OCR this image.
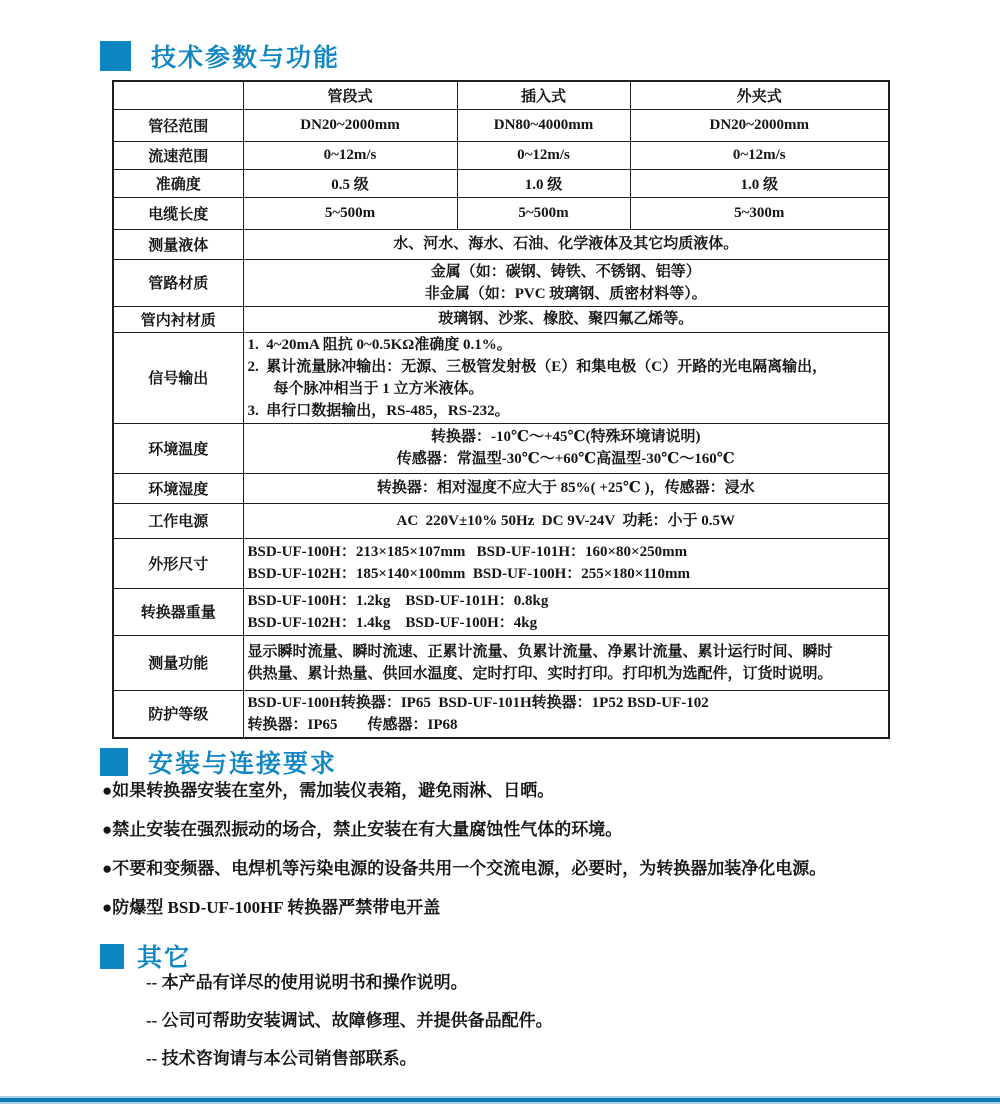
技术参数与功能
	管段式	插入式	外夹式
管径范围	DN20~2000mm	DN80~4000mm	DN20~2000mm
流速范围	0~12m/s	0~12m/s	0~12m/s
准确度	0.5 级	1.0 级	1.0 级
电缆长度	5~500m	5~500m	5~300m
测量液体	水、河水、海水、石油、化学液体及其它均质液体。		

管路材质	金属（如：碳钢、铸铁、不锈钢、铝等）
非金属（如：PVC 玻璃钢、质密材料等）。		

管内衬材质	玻璃钢、沙浆、橡胶、聚四氟乙烯等。		

信号输出	1.  4~20mA 阻抗 0~0.5KΩ准确度 0.1%。
2.  累计流量脉冲输出：无源、三极管发射极（E）和集电极（C）开路的光电隔离输出，
每个脉冲相当于 1 立方米液体。
3.  串行口数据输出，RS-485，RS-232。		

环境温度	转换器：-10℃～+45℃(特殊环境请说明)
传感器：常温型-30℃～+60℃高温型-30℃～160℃		

环境湿度	转换器：相对湿度不应大于 85%( +25℃ )，传感器：浸水		

工作电源	AC  220V±10% 50Hz  DC 9V-24V  功耗：小于 0.5W		

外形尺寸	BSD-UF-100H：213×185×107mm   BSD-UF-101H：160×80×250mm
BSD-UF-102H：185×140×100mm  BSD-UF-100H：255×180×110mm		

转换器重量	BSD-UF-100H：1.2kg    BSD-UF-101H：0.8kg
BSD-UF-102H：1.4kg    BSD-UF-100H：4kg		

测量功能	显示瞬时流量、瞬时流速、正累计流量、负累计流量、净累计流量、累计运行时间、瞬时
供热量、累计热量、供回水温度、定时打印、实时打印。打印机为选配件，订货时说明。		

防护等级	BSD-UF-100H转换器：IP65  BSD-UF-101H转换器：1P52 BSD-UF-102
转换器：IP65        传感器：IP68		
安装与连接要求
●如果转换器安装在室外，需加装仪表箱，避免雨淋、日晒。
●禁止安装在强烈振动的场合，禁止安装在有大量腐蚀性气体的环境。
●不要和变频器、电焊机等污染电源的设备共用一个交流电源，必要时，为转换器加装净化电源。
●防爆型 BSD-UF-100HF 转换器严禁带电开盖
其它
-- 本产品有详尽的使用说明书和操作说明。
-- 公司可帮助安装调试、故障修理、并提供备品配件。
-- 技术咨询请与本公司销售部联系。
